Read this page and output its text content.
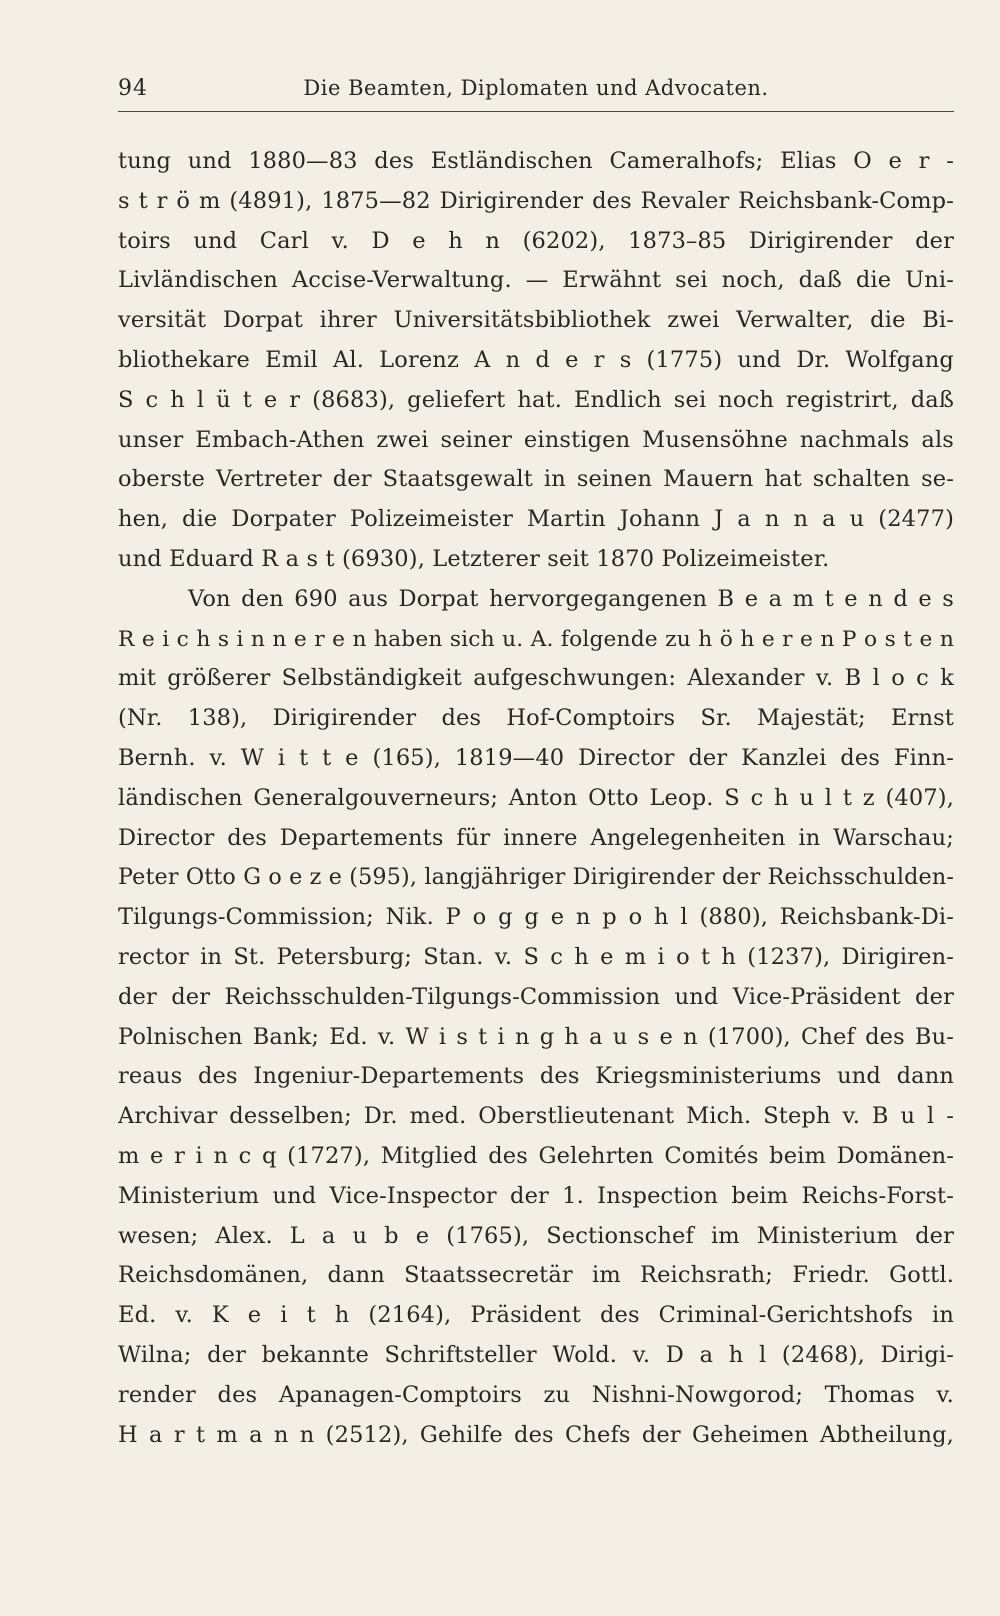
94	Die Beamten, Diplomaten und Advocaten.
tung und 1880—83 des Estländischen Cameralhofs; Elias O e r -
s t r ö m (4891), 1875—82 Dirigirender des Revaler Reichsbank-Comp-
toirs und Carl v. D e h n (6202), 1873–85 Dirigirender der
Livländischen Accise-Verwaltung. — Erwähnt sei noch, daß die Uni-
versität Dorpat ihrer Universitätsbibliothek zwei Verwalter, die Bi-
bliothekare Emil Al. Lorenz A n d e r s (1775) und Dr. Wolfgang
S c h l ü t e r (8683), geliefert hat. Endlich sei noch registrirt, daß
unser Embach-Athen zwei seiner einstigen Musensöhne nachmals als
oberste Vertreter der Staatsgewalt in seinen Mauern hat schalten se-
hen, die Dorpater Polizeimeister Martin Johann J a n n a u (2477)
und Eduard R a s t (6930), Letzterer seit 1870 Polizeimeister.
Von den 690 aus Dorpat hervorgegangenen B e a m t e n d e s
R e i c h s i n n e r e n haben sich u. A. folgende zu h ö h e r e n P o s t e n
mit größerer Selbständigkeit aufgeschwungen: Alexander v. B l o c k
(Nr. 138), Dirigirender des Hof-Comptoirs Sr. Majestät; Ernst
Bernh. v. W i t t e (165), 1819—40 Director der Kanzlei des Finn-
ländischen Generalgouverneurs; Anton Otto Leop. S c h u l t z (407),
Director des Departements für innere Angelegenheiten in Warschau;
Peter Otto G o e z e (595), langjähriger Dirigirender der Reichsschulden-
Tilgungs-Commission; Nik. P o g g e n p o h l (880), Reichsbank-Di-
rector in St. Petersburg; Stan. v. S c h e m i o t h (1237), Dirigiren-
der der Reichsschulden-Tilgungs-Commission und Vice-Präsident der
Polnischen Bank; Ed. v. W i s t i n g h a u s e n (1700), Chef des Bu-
reaus des Ingeniur-Departements des Kriegsministeriums und dann
Archivar desselben; Dr. med. Oberstlieutenant Mich. Steph v. B u l -
m e r i n c q (1727), Mitglied des Gelehrten Comités beim Domänen-
Ministerium und Vice-Inspector der 1. Inspection beim Reichs-Forst-
wesen; Alex. L a u b e (1765), Sectionschef im Ministerium der
Reichsdomänen, dann Staatssecretär im Reichsrath; Friedr. Gottl.
Ed. v. K e i t h (2164), Präsident des Criminal-Gerichtshofs in
Wilna; der bekannte Schriftsteller Wold. v. D a h l (2468), Dirigi-
render des Apanagen-Comptoirs zu Nishni-Nowgorod; Thomas v.
H a r t m a n n (2512), Gehilfe des Chefs der Geheimen Abtheilung,
